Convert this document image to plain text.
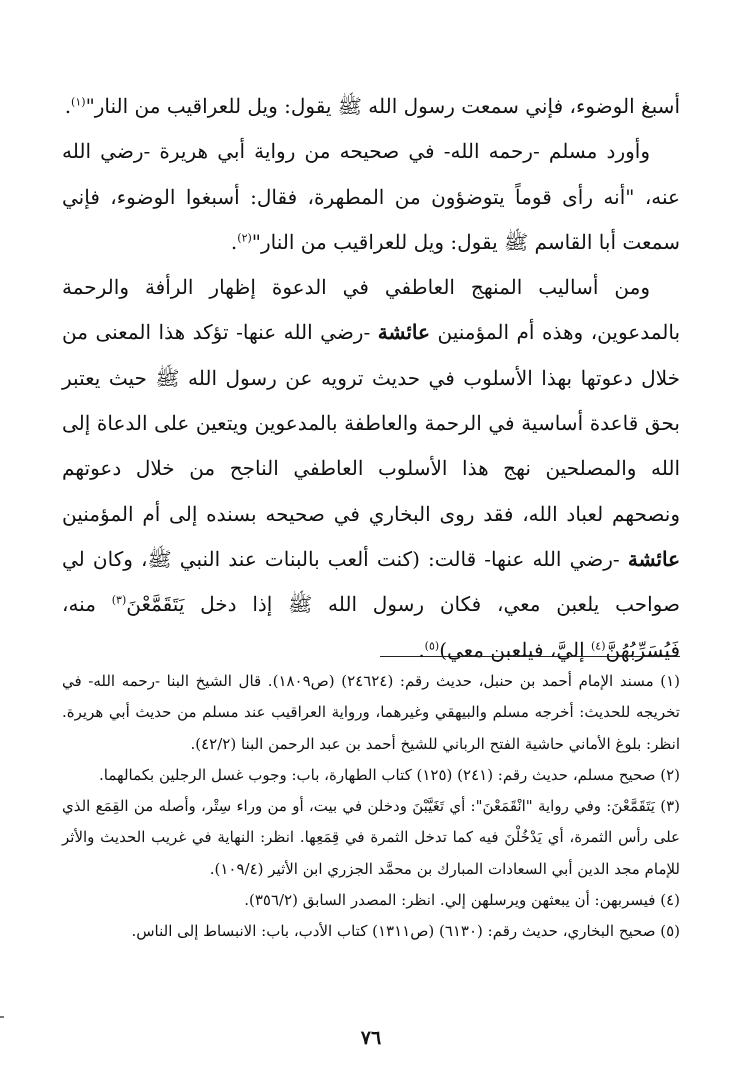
أسبغ الوضوء، فإني سمعت رسول الله ﷺ يقول: ويل للعراقيب من النار"$^{(١)}$.

وأورد مسلم -رحمه الله- في صحيحه من رواية أبي هريرة -رضي الله عنه، "أنه رأى قوماً يتوضؤون من المطهرة، فقال: أسبغوا الوضوء، فإني سمعت أبا القاسم ﷺ يقول: ويل للعراقيب من النار"$^{(٢)}$.

ومن أساليب المنهج العاطفي في الدعوة إظهار الرأفة والرحمة بالمدعوين، وهذه أم المؤمنين عائشة -رضي الله عنها- تؤكد هذا المعنى من خلال دعوتها بهذا الأسلوب في حديث ترويه عن رسول الله ﷺ حيث يعتبر بحق قاعدة أساسية في الرحمة والعاطفة بالمدعوين ويتعين على الدعاة إلى الله والمصلحين نهج هذا الأسلوب العاطفي الناجح من خلال دعوتهم ونصحهم لعباد الله، فقد روى البخاري في صحيحه بسنده إلى أم المؤمنين عائشة -رضي الله عنها- قالت: (كنت ألعب بالبنات عند النبي ﷺ، وكان لي صواحب يلعبن معي، فكان رسول الله ﷺ إذا دخل يَتَقَمَّعْنَ$^{(٣)}$ منه، فَيُسَرِّبُهُنَّ$^{(٤)}$ إليَّ، فيلعبن معي)$^{(٥)}$.

(١) مسند الإمام أحمد بن حنبل، حديث رقم: (٢٤٦٢٤) (ص١٨٠٩). قال الشيخ البنا -رحمه الله- في تخريجه للحديث: أخرجه مسلم والبيهقي وغيرهما، ورواية العراقيب عند مسلم من حديث أبي هريرة. انظر: بلوغ الأماني حاشية الفتح الرباني للشيخ أحمد بن عبد الرحمن البنا (٤٢/٢).

(٢) صحيح مسلم، حديث رقم: (٢٤١) (١٢٥) كتاب الطهارة، باب: وجوب غسل الرجلين بكمالهما.

(٣) يَتَقَمَّعْنَ: وفي رواية "انْقَمَعْنَ": أي تَغَيَّبْنَ ودخلن في بيت، أو من وراء سِتْر، وأصله من القِمَع الذي على رأس الثمرة، أي يَدْخُلْنَ فيه كما تدخل الثمرة في قِمَعِها. انظر: النهاية في غريب الحديث والأثر للإمام مجد الدين أبي السعادات المبارك بن محمَّد الجزري ابن الأثير (١٠٩/٤).

(٤) فيسربهن: أن يبعثهن ويرسلهن إلي. انظر: المصدر السابق (٣٥٦/٢).

(٥) صحيح البخاري، حديث رقم: (٦١٣٠) (ص١٣١١) كتاب الأدب، باب: الانبساط إلى الناس.

٧٦
